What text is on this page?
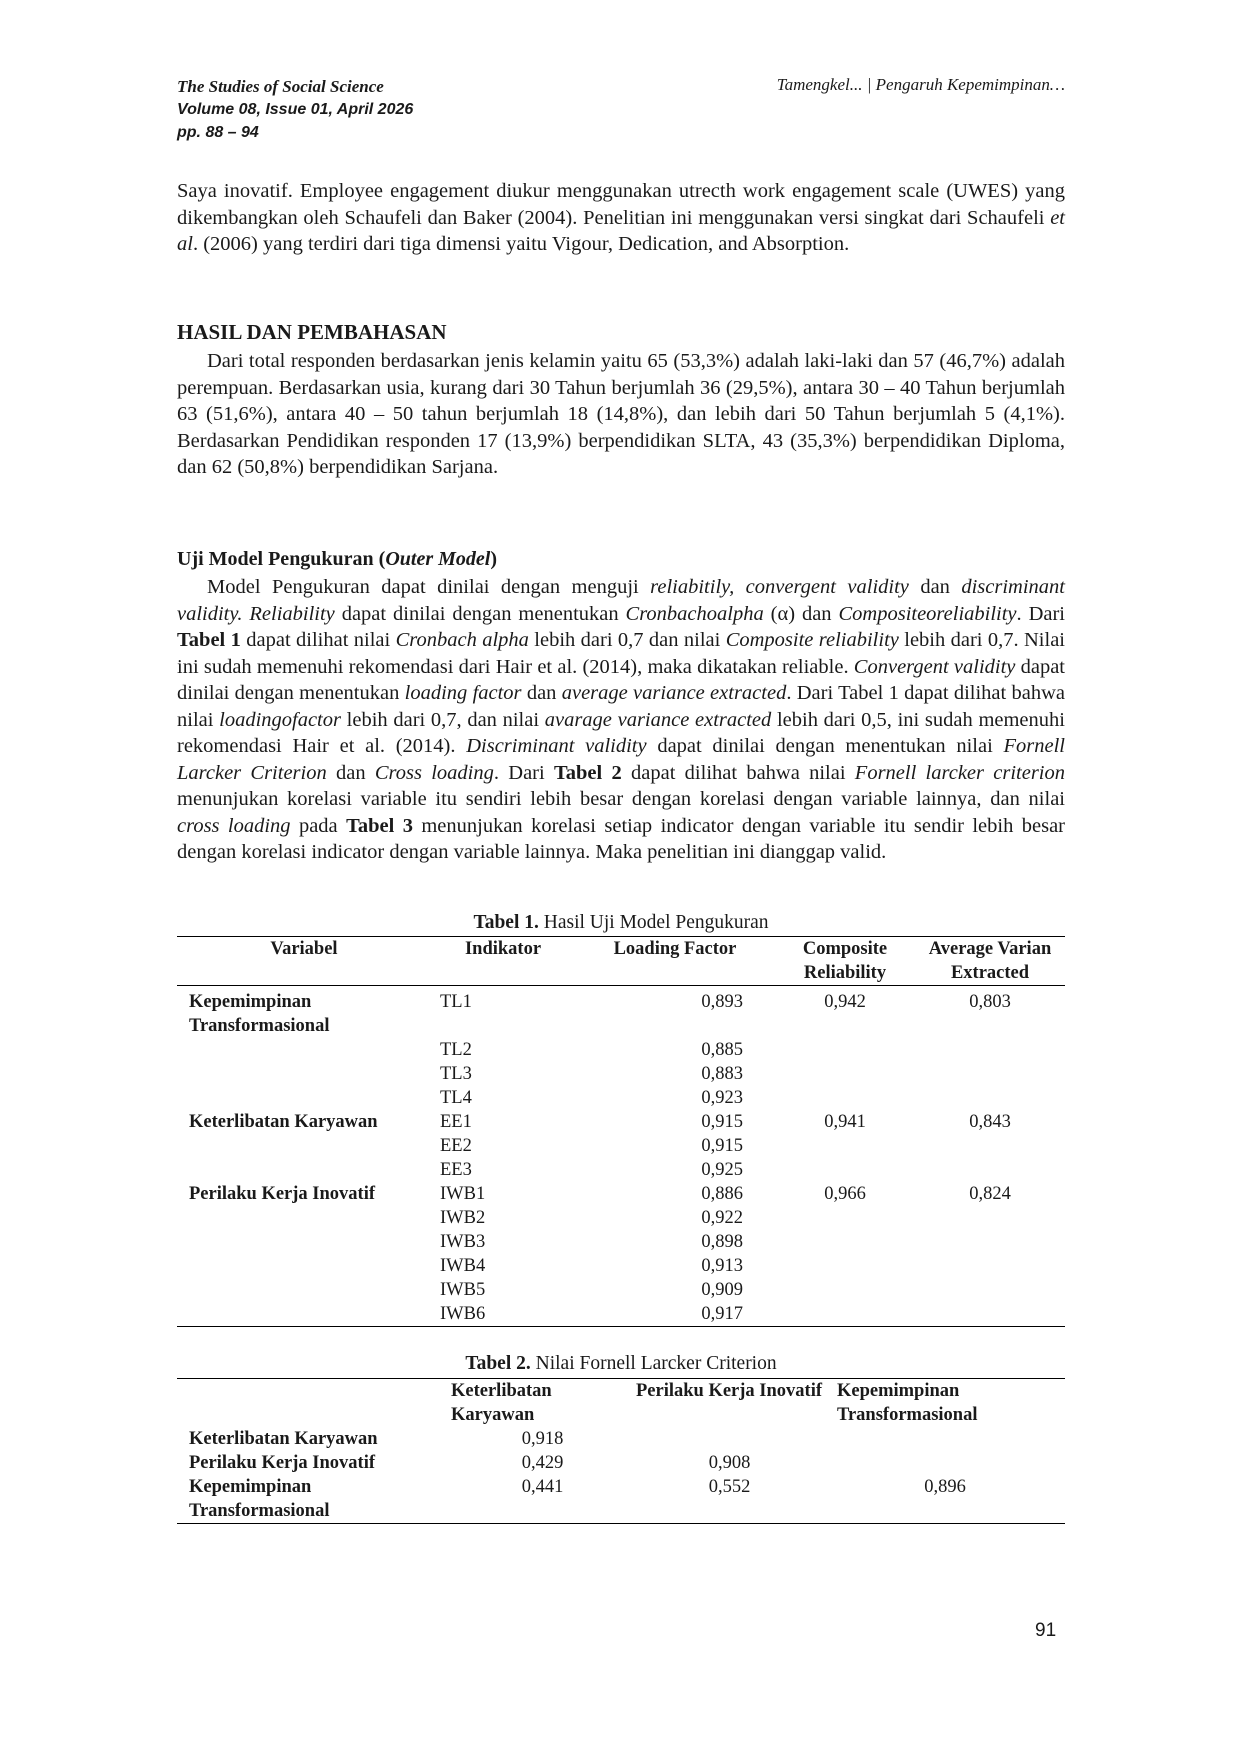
The Studies of Social Science
Volume 08, Issue 01, April 2026
pp. 88 – 94
Tamengkel... | Pengaruh Kepemimpinan…

Saya inovatif. Employee engagement diukur menggunakan utrecth work engagement scale (UWES) yang dikembangkan oleh Schaufeli dan Baker (2004). Penelitian ini menggunakan versi singkat dari Schaufeli et al. (2006) yang terdiri dari tiga dimensi yaitu Vigour, Dedication, and Absorption.

HASIL DAN PEMBAHASAN

Dari total responden berdasarkan jenis kelamin yaitu 65 (53,3%) adalah laki-laki dan 57 (46,7%) adalah perempuan. Berdasarkan usia, kurang dari 30 Tahun berjumlah 36 (29,5%), antara 30 – 40 Tahun berjumlah 63 (51,6%), antara 40 – 50 tahun berjumlah 18 (14,8%), dan lebih dari 50 Tahun berjumlah 5 (4,1%). Berdasarkan Pendidikan responden 17 (13,9%) berpendidikan SLTA, 43 (35,3%) berpendidikan Diploma, dan 62 (50,8%) berpendidikan Sarjana.

Uji Model Pengukuran (Outer Model)

Model Pengukuran dapat dinilai dengan menguji reliabitily, convergent validity dan discriminant validity. Reliability dapat dinilai dengan menentukan Cronbachoalpha (α) dan Compositeoreliability. Dari Tabel 1 dapat dilihat nilai Cronbach alpha lebih dari 0,7 dan nilai Composite reliability lebih dari 0,7. Nilai ini sudah memenuhi rekomendasi dari Hair et al. (2014), maka dikatakan reliable. Convergent validity dapat dinilai dengan menentukan loading factor dan average variance extracted. Dari Tabel 1 dapat dilihat bahwa nilai loadingofactor lebih dari 0,7, dan nilai avarage variance extracted lebih dari 0,5, ini sudah memenuhi rekomendasi Hair et al. (2014). Discriminant validity dapat dinilai dengan menentukan nilai Fornell Larcker Criterion dan Cross loading. Dari Tabel 2 dapat dilihat bahwa nilai Fornell larcker criterion menunjukan korelasi variable itu sendiri lebih besar dengan korelasi dengan variable lainnya, dan nilai cross loading pada Tabel 3 menunjukan korelasi setiap indicator dengan variable itu sendir lebih besar dengan korelasi indicator dengan variable lainnya. Maka penelitian ini dianggap valid.

Tabel 1. Hasil Uji Model Pengukuran
Variabel	Indikator	Loading Factor	Composite Reliability	Average Varian Extracted
Kepemimpinan Transformasional	TL1	0,893	0,942	0,803
	TL2	0,885		
	TL3	0,883		
	TL4	0,923		
Keterlibatan Karyawan	EE1	0,915	0,941	0,843
	EE2	0,915		
	EE3	0,925		
Perilaku Kerja Inovatif	IWB1	0,886	0,966	0,824
	IWB2	0,922		
	IWB3	0,898		
	IWB4	0,913		
	IWB5	0,909		
	IWB6	0,917		
Tabel 2. Nilai Fornell Larcker Criterion
	Keterlibatan Karyawan	Perilaku Kerja Inovatif	Kepemimpinan Transformasional
Keterlibatan Karyawan	0,918		
Perilaku Kerja Inovatif	0,429	0,908	
Kepemimpinan Transformasional	0,441	0,552	0,896
91
